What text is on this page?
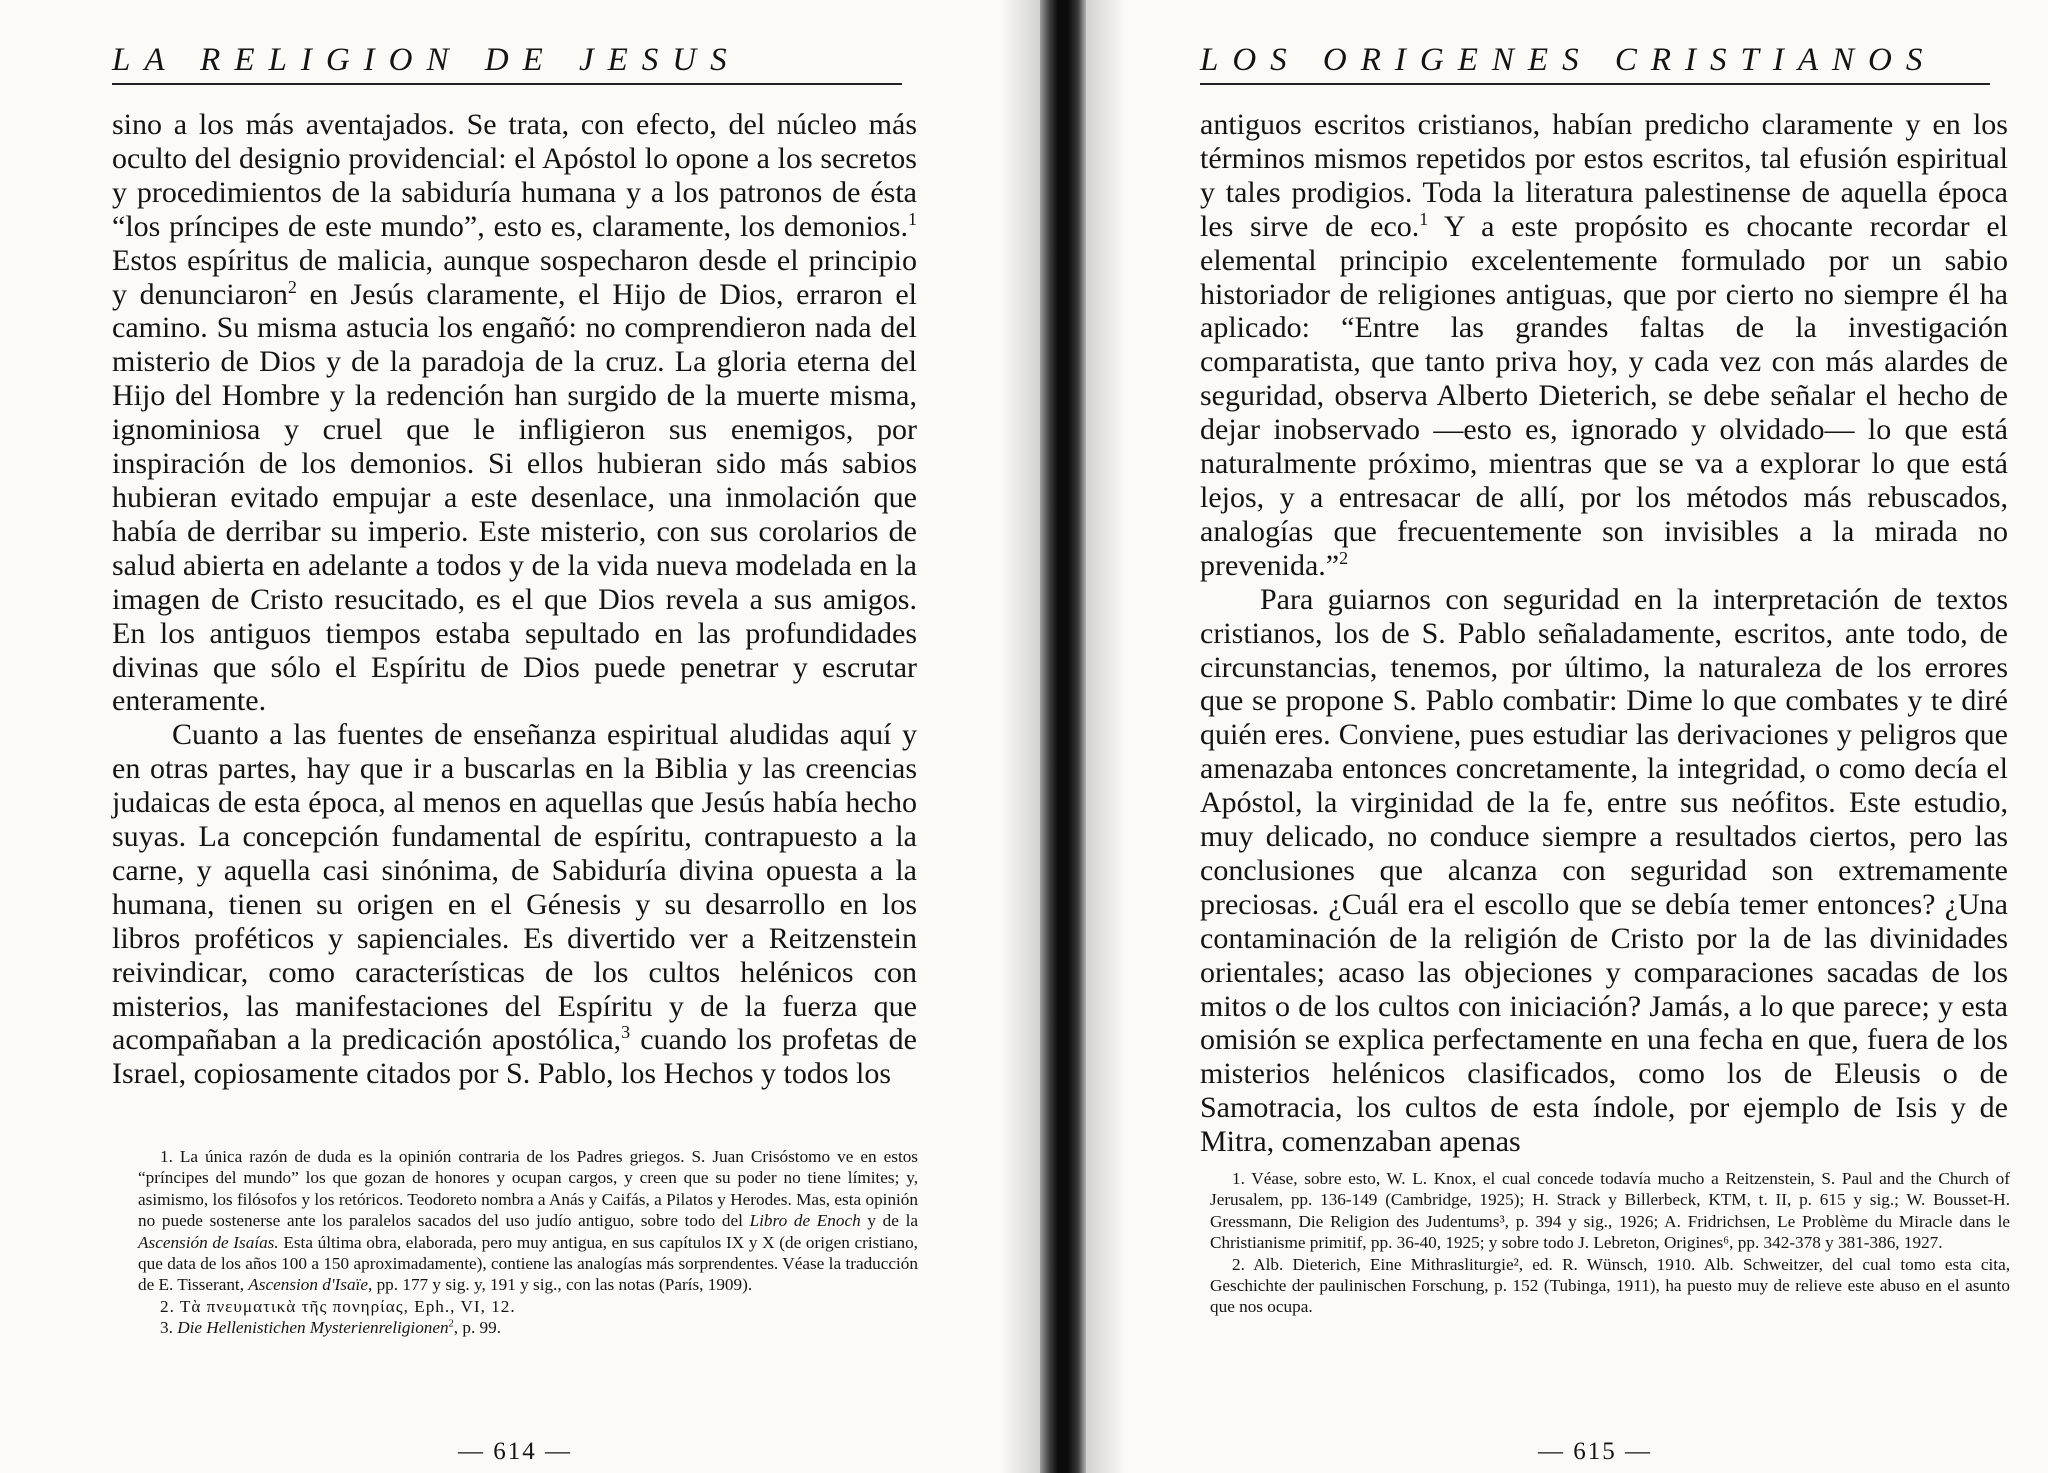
LA RELIGION DE JESUS

sino a los más aventajados. Se trata, con efecto, del núcleo más oculto del designio providencial: el Apóstol lo opone a los secretos y procedimientos de la sabiduría humana y a los patronos de ésta “los príncipes de este mundo”, esto es, claramente, los demonios.$^1$ Estos espíritus de malicia, aunque sospecharon desde el principio y denunciaron$^2$ en Jesús claramente, el Hijo de Dios, erraron el camino. Su misma astucia los engañó: no comprendieron nada del misterio de Dios y de la paradoja de la cruz. La gloria eterna del Hijo del Hombre y la redención han surgido de la muerte misma, ignominiosa y cruel que le infligieron sus enemigos, por inspiración de los demonios. Si ellos hubieran sido más sabios hubieran evitado empujar a este desenlace, una inmolación que había de derribar su imperio. Este misterio, con sus corolarios de salud abierta en adelante a todos y de la vida nueva modelada en la imagen de Cristo resucitado, es el que Dios revela a sus amigos. En los antiguos tiempos estaba sepultado en las profundidades divinas que sólo el Espíritu de Dios puede penetrar y escrutar enteramente.

Cuanto a las fuentes de enseñanza espiritual aludidas aquí y en otras partes, hay que ir a buscarlas en la Biblia y las creencias judaicas de esta época, al menos en aquellas que Jesús había hecho suyas. La concepción fundamental de espíritu, contrapuesto a la carne, y aquella casi sinónima, de Sabiduría divina opuesta a la humana, tienen su origen en el Génesis y su desarrollo en los libros proféticos y sapienciales. Es divertido ver a Reitzenstein reivindicar, como características de los cultos helénicos con misterios, las manifestaciones del Espíritu y de la fuerza que acompañaban a la predicación apostólica,$^3$ cuando los profetas de Israel, copiosamente citados por S. Pablo, los Hechos y todos los

1. La única razón de duda es la opinión contraria de los Padres griegos. S. Juan Crisóstomo ve en estos “príncipes del mundo” los que gozan de honores y ocupan cargos, y creen que su poder no tiene límites; y, asimismo, los filósofos y los retóricos. Teodoreto nombra a Anás y Caifás, a Pilatos y Herodes. Mas, esta opinión no puede sostenerse ante los paralelos sacados del uso judío antiguo, sobre todo del Libro de Enoch y de la Ascensión de Isaías. Esta última obra, elaborada, pero muy antigua, en sus capítulos IX y X (de origen cristiano, que data de los años 100 a 150 aproximadamente), contiene las analogías más sorprendentes. Véase la traducción de E. Tisserant, Ascension d'Isaïe, pp. 177 y sig. y, 191 y sig., con las notas (París, 1909).

2. Τὰ πνευματικὰ τῆς πονηρίας, Eph., VI, 12.

3. Die Hellenistichen Mysterienreligionen$^2$, p. 99.

— 614 —
LOS ORIGENES CRISTIANOS

antiguos escritos cristianos, habían predicho claramente y en los términos mismos repetidos por estos escritos, tal efusión espiritual y tales prodigios. Toda la literatura palestinense de aquella época les sirve de eco.$^1$ Y a este propósito es chocante recordar el elemental principio excelentemente formulado por un sabio historiador de religiones antiguas, que por cierto no siempre él ha aplicado: “Entre las grandes faltas de la investigación comparatista, que tanto priva hoy, y cada vez con más alardes de seguridad, observa Alberto Dieterich, se debe señalar el hecho de dejar inobservado —esto es, ignorado y olvidado— lo que está naturalmente próximo, mientras que se va a explorar lo que está lejos, y a entresacar de allí, por los métodos más rebuscados, analogías que frecuentemente son invisibles a la mirada no prevenida.”$^2$

Para guiarnos con seguridad en la interpretación de textos cristianos, los de S. Pablo señaladamente, escritos, ante todo, de circunstancias, tenemos, por último, la naturaleza de los errores que se propone S. Pablo combatir: Dime lo que combates y te diré quién eres. Conviene, pues estudiar las derivaciones y peligros que amenazaba entonces concretamente, la integridad, o como decía el Apóstol, la virginidad de la fe, entre sus neófitos. Este estudio, muy delicado, no conduce siempre a resultados ciertos, pero las conclusiones que alcanza con seguridad son extremamente preciosas. ¿Cuál era el escollo que se debía temer entonces? ¿Una contaminación de la religión de Cristo por la de las divinidades orientales; acaso las objeciones y comparaciones sacadas de los mitos o de los cultos con iniciación? Jamás, a lo que parece; y esta omisión se explica perfectamente en una fecha en que, fuera de los misterios helénicos clasificados, como los de Eleusis o de Samotracia, los cultos de esta índole, por ejemplo de Isis y de Mitra, comenzaban apenas

1. Véase, sobre esto, W. L. Knox, el cual concede todavía mucho a Reitzenstein, S. Paul and the Church of Jerusalem, pp. 136-149 (Cambridge, 1925); H. Strack y Billerbeck, KTM, t. II, p. 615 y sig.; W. Bousset-H. Gressmann, Die Religion des Judentums³, p. 394 y sig., 1926; A. Fridrichsen, Le Problème du Miracle dans le Christianisme primitif, pp. 36-40, 1925; y sobre todo J. Lebreton, Origines⁶, pp. 342-378 y 381-386, 1927.

2. Alb. Dieterich, Eine Mithrasliturgie², ed. R. Wünsch, 1910. Alb. Schweitzer, del cual tomo esta cita, Geschichte der paulinischen Forschung, p. 152 (Tubinga, 1911), ha puesto muy de relieve este abuso en el asunto que nos ocupa.

— 615 —
